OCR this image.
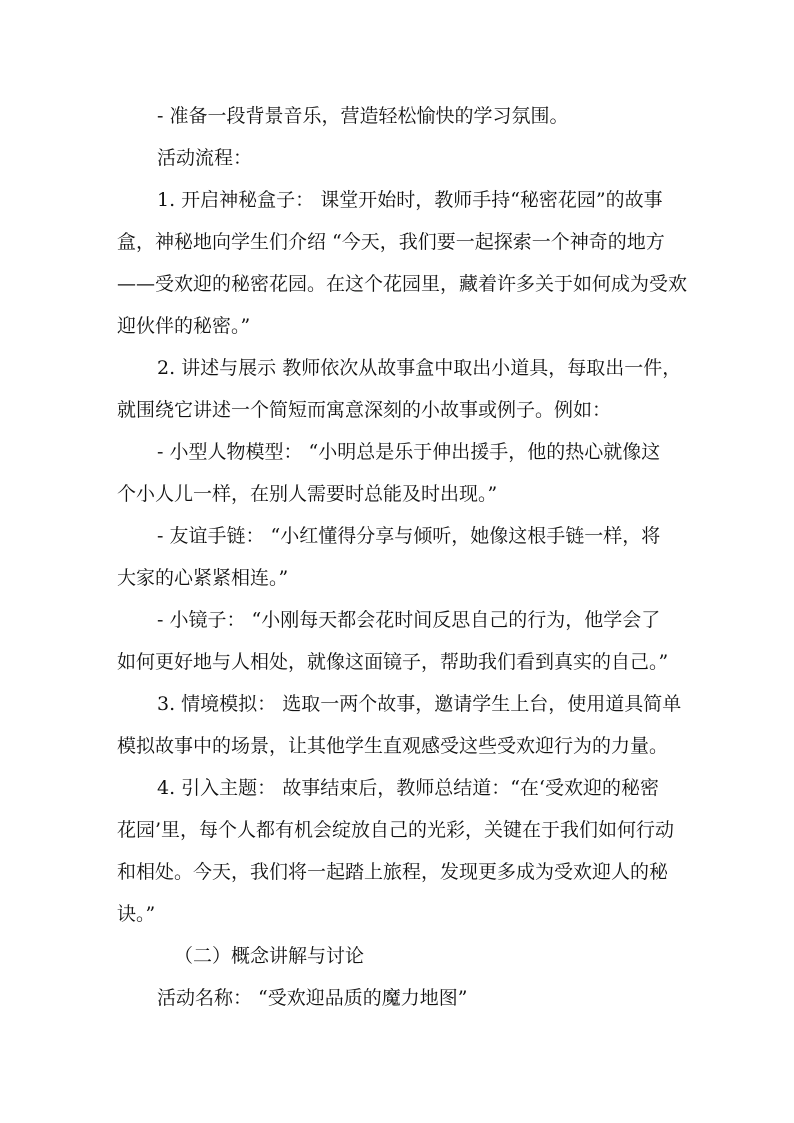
- 准备一段背景音乐，营造轻松愉快的学习氛围。

活动流程：

1. 开启神秘盒子： 课堂开始时，教师手持“秘密花园”的故事

盒，神秘地向学生们介绍 “今天，我们要一起探索一个神奇的地方

——受欢迎的秘密花园。在这个花园里，藏着许多关于如何成为受欢

迎伙伴的秘密。”

2. 讲述与展示 教师依次从故事盒中取出小道具，每取出一件，

就围绕它讲述一个简短而寓意深刻的小故事或例子。例如：

- 小型人物模型： “小明总是乐于伸出援手，他的热心就像这

个小人儿一样，在别人需要时总能及时出现。”

- 友谊手链： “小红懂得分享与倾听，她像这根手链一样，将

大家的心紧紧相连。”

- 小镜子： “小刚每天都会花时间反思自己的行为，他学会了

如何更好地与人相处，就像这面镜子，帮助我们看到真实的自己。”

3. 情境模拟： 选取一两个故事，邀请学生上台，使用道具简单

模拟故事中的场景，让其他学生直观感受这些受欢迎行为的力量。

4. 引入主题： 故事结束后，教师总结道：“在‘受欢迎的秘密

花园’里，每个人都有机会绽放自己的光彩，关键在于我们如何行动

和相处。今天，我们将一起踏上旅程，发现更多成为受欢迎人的秘

诀。”

（二）概念讲解与讨论

活动名称： “受欢迎品质的魔力地图”
